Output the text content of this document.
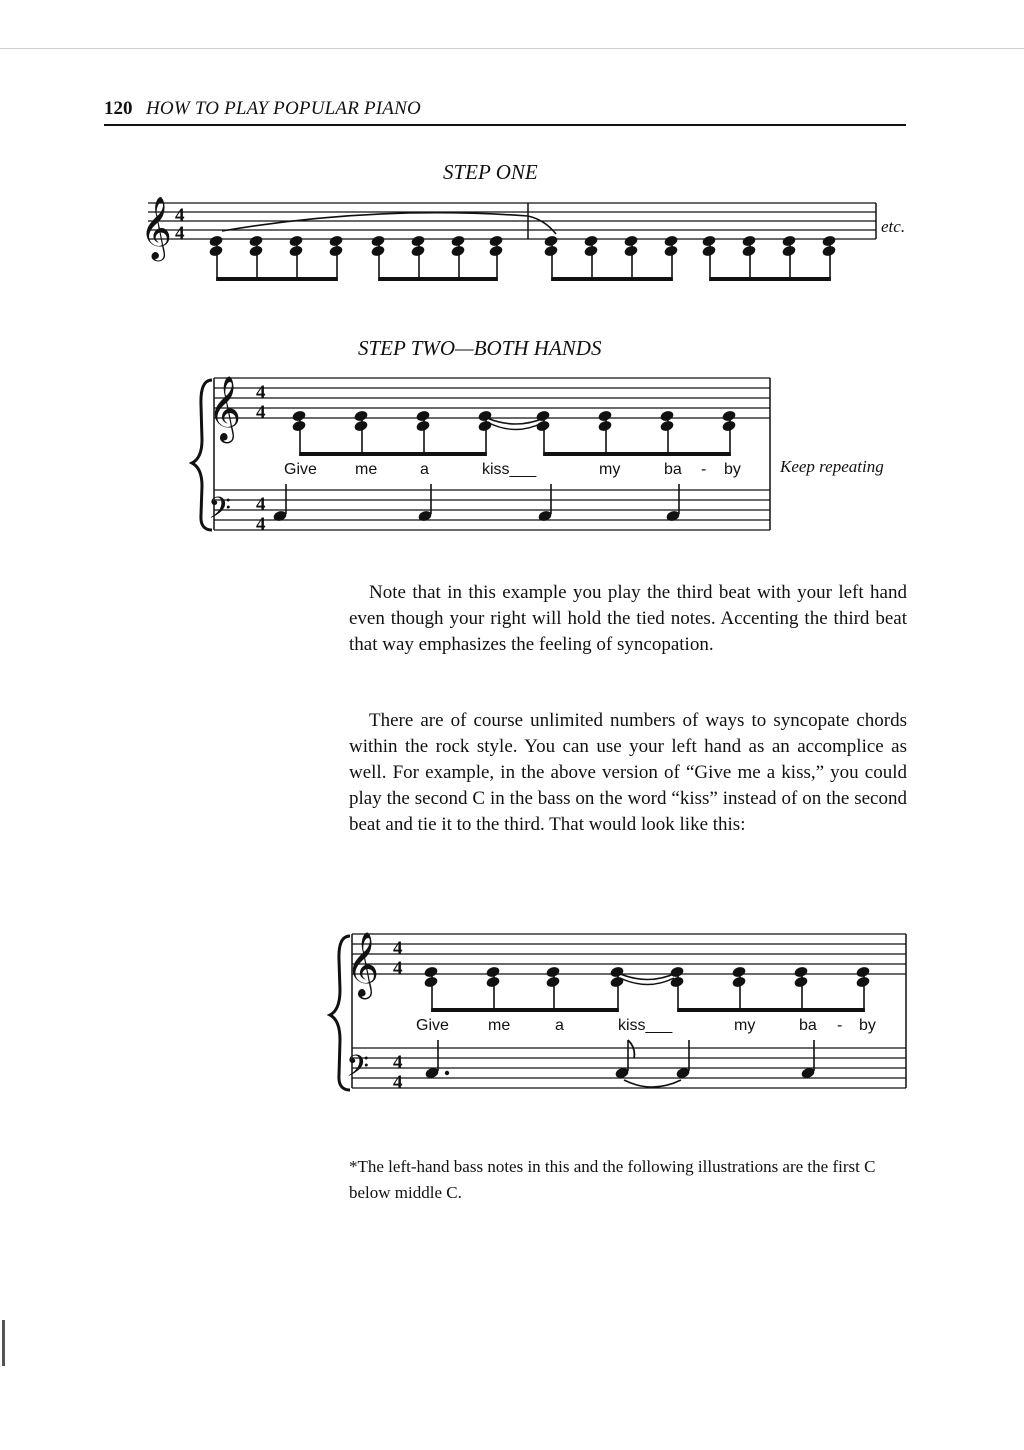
120 HOW TO PLAY POPULAR PIANO
STEP ONE
STEP TWO—BOTH HANDS
𝄞 4
4	etc.
𝄞
𝄢
4
4
4
4
Give me	a	kiss___	my	ba - by Keep repeating
𝄞
𝄢
4
4
4
4
Give me	a	kiss___	my	ba - by

Note that in this example you play the third beat with your left hand even though your right will hold the tied notes. Accenting the third beat that way emphasizes the feeling of syncopation.

There are of course unlimited numbers of ways to syncopate chords within the rock style. You can use your left hand as an accomplice as well. For example, in the above version of “Give me a kiss,” you could play the second C in the bass on the word “kiss” instead of on the second beat and tie it to the third. That would look like this:

*The left-hand bass notes in this and the following illustrations are the first C below middle C.
